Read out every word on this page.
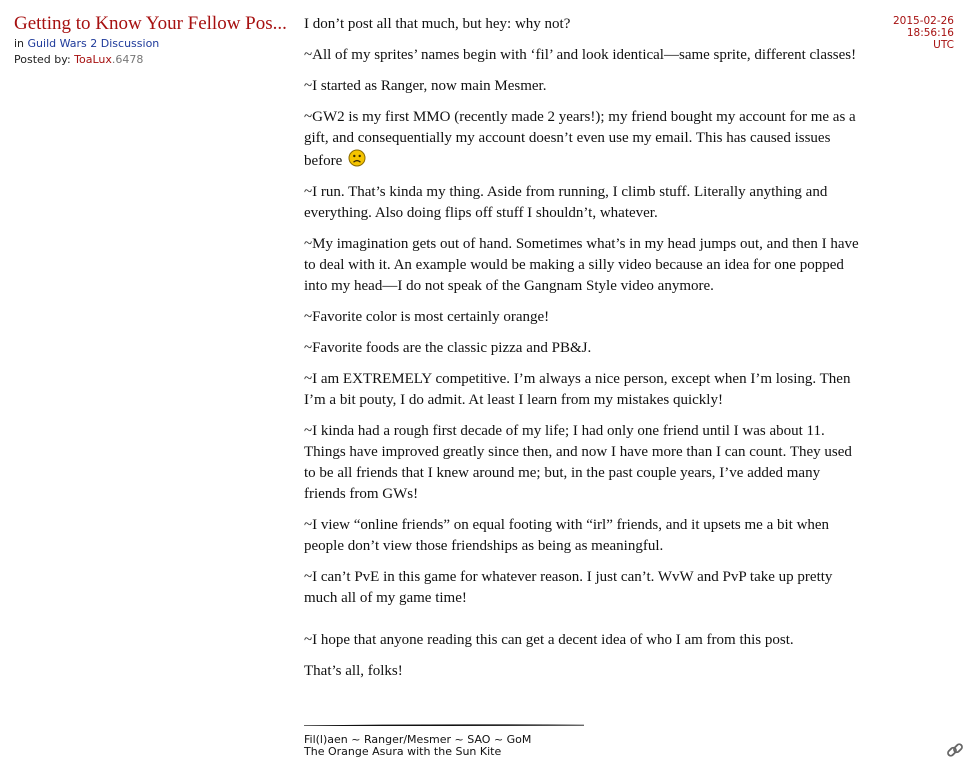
Getting to Know Your Fellow Pos...
in Guild Wars 2 Discussion
Posted by: ToaLux.6478

I don’t post all that much, but hey: why not?

~All of my sprites’ names begin with ‘fil’ and look identical—same sprite, different classes!

~I started as Ranger, now main Mesmer.

~GW2 is my first MMO (recently made 2 years!); my friend bought my account for me as a gift, and consequentially my account doesn’t even use my email. This has caused issues before

~I run. That’s kinda my thing. Aside from running, I climb stuff. Literally anything and everything. Also doing flips off stuff I shouldn’t, whatever.

~My imagination gets out of hand. Sometimes what’s in my head jumps out, and then I have to deal with it. An example would be making a silly video because an idea for one popped into my head—I do not speak of the Gangnam Style video anymore.

~Favorite color is most certainly orange!

~Favorite foods are the classic pizza and PB&J.

~I am EXTREMELY competitive. I’m always a nice person, except when I’m losing. Then I’m a bit pouty, I do admit. At least I learn from my mistakes quickly!

~I kinda had a rough first decade of my life; I had only one friend until I was about 11. Things have improved greatly since then, and now I have more than I can count. They used to be all friends that I knew around me; but, in the past couple years, I’ve added many friends from GWs!

~I view “online friends” on equal footing with “irl” friends, and it upsets me a bit when people don’t view those friendships as being as meaningful.

~I can’t PvE in this game for whatever reason. I just can’t. WvW and PvP take up pretty much all of my game time!

~I hope that anyone reading this can get a decent idea of who I am from this post.

That’s all, folks!

2015-02-26
18:56:16
UTC
Fil(l)aen ~ Ranger/Mesmer ~ SAO ~ GoM
The Orange Asura with the Sun Kite
